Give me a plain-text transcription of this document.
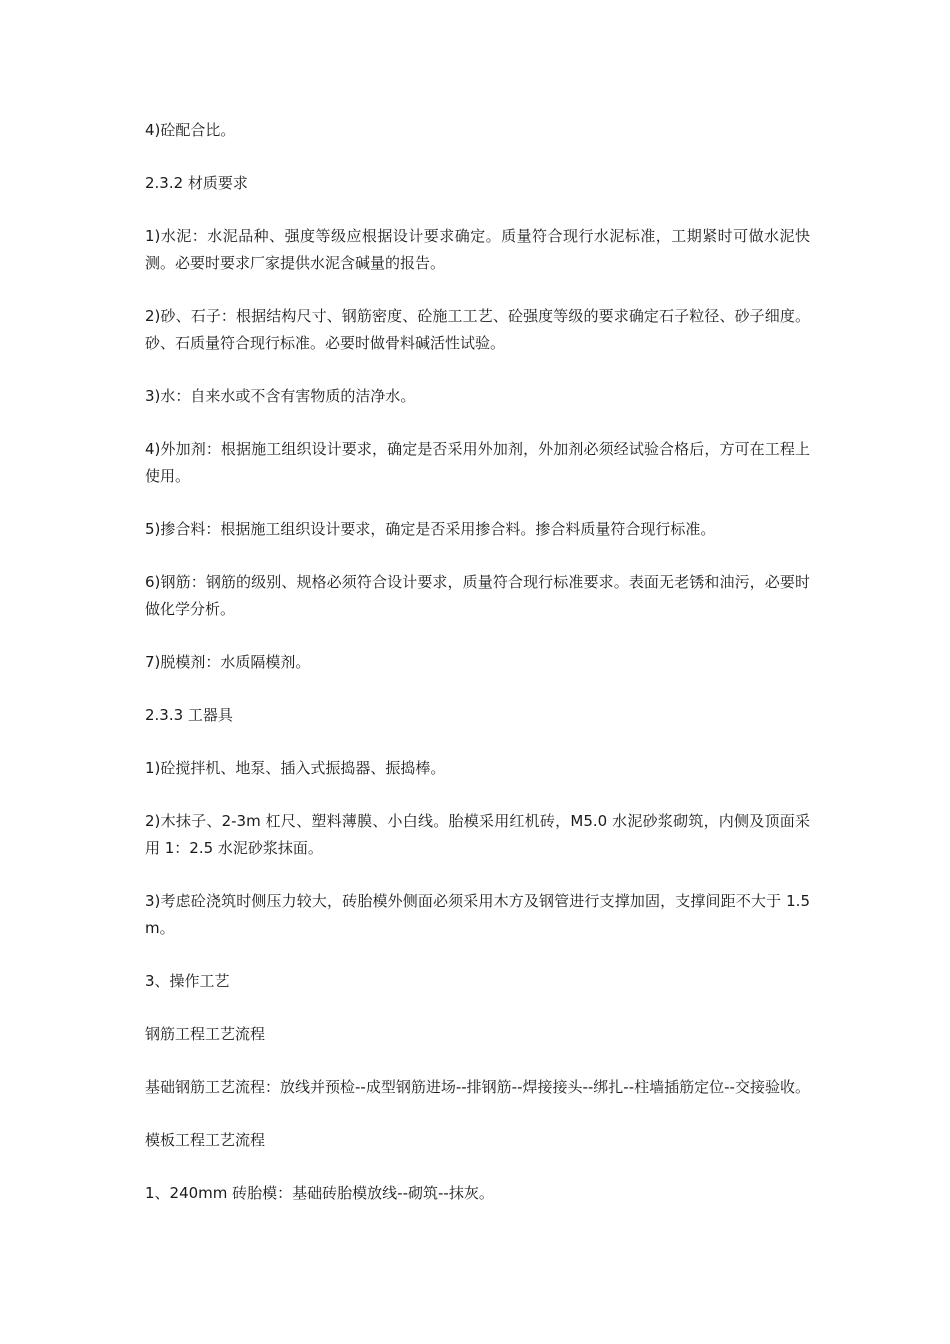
4)砼配合比。

2.3.2 材质要求

1)水泥：水泥品种、强度等级应根据设计要求确定。质量符合现行水泥标准，工期紧时可做水泥快测。必要时要求厂家提供水泥含碱量的报告。

2)砂、石子：根据结构尺寸、钢筋密度、砼施工工艺、砼强度等级的要求确定石子粒径、砂子细度。砂、石质量符合现行标准。必要时做骨料碱活性试验。

3)水：自来水或不含有害物质的洁净水。

4)外加剂：根据施工组织设计要求，确定是否采用外加剂，外加剂必须经试验合格后，方可在工程上使用。

5)掺合料：根据施工组织设计要求，确定是否采用掺合料。掺合料质量符合现行标准。

6)钢筋：钢筋的级别、规格必须符合设计要求，质量符合现行标准要求。表面无老锈和油污，必要时做化学分析。

7)脱模剂：水质隔模剂。

2.3.3 工器具

1)砼搅拌机、地泵、插入式振捣器、振捣棒。

2)木抹子、2-3m 杠尺、塑料薄膜、小白线。胎模采用红机砖，M5.0 水泥砂浆砌筑，内侧及顶面采用 1：2.5 水泥砂浆抹面。

3)考虑砼浇筑时侧压力较大，砖胎模外侧面必须采用木方及钢管进行支撑加固，支撑间距不大于 1.5m。

3、操作工艺

钢筋工程工艺流程

基础钢筋工艺流程：放线并预检--成型钢筋进场--排钢筋--焊接接头--绑扎--柱墙插筋定位--交接验收。

模板工程工艺流程

1、240mm 砖胎模：基础砖胎模放线--砌筑--抹灰。
